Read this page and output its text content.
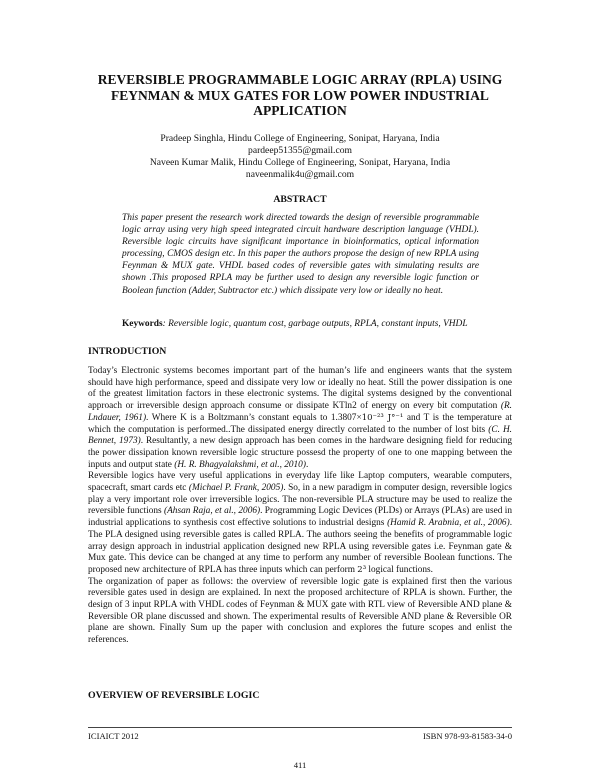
REVERSIBLE PROGRAMMABLE LOGIC ARRAY (RPLA) USING FEYNMAN & MUX GATES FOR LOW POWER INDUSTRIAL APPLICATION
Pradeep Singhla, Hindu College of Engineering, Sonipat, Haryana, India
pardeep51355@gmail.com
Naveen Kumar Malik, Hindu College of Engineering, Sonipat, Haryana, India
naveenmalik4u@gmail.com
ABSTRACT
This paper present the research work directed towards the design of reversible programmable logic array using very high speed integrated circuit hardware description language (VHDL). Reversible logic circuits have significant importance in bioinformatics, optical information processing, CMOS design etc. In this paper the authors propose the design of new RPLA using Feynman & MUX gate. VHDL based codes of reversible gates with simulating results are shown .This proposed RPLA may be further used to design any reversible logic function or Boolean function (Adder, Subtractor etc.) which dissipate very low or ideally no heat.
Keywords: Reversible logic, quantum cost, garbage outputs, RPLA, constant inputs, VHDL
INTRODUCTION

Today’s Electronic systems becomes important part of the human’s life and engineers wants that the system should have high performance, speed and dissipate very low or ideally no heat. Still the power dissipation is one of the greatest limitation factors in these electronic systems. The digital systems designed by the conventional approach or irreversible design approach consume or dissipate KTln2 of energy on every bit computation (R. Lndauer, 1961). Where K is a Boltzmann’s constant equals to 1.3807×10⁻²³ J°⁻¹ and T is the temperature at which the computation is performed..The dissipated energy directly correlated to the number of lost bits (C. H. Bennet, 1973). Resultantly, a new design approach has been comes in the hardware designing field for reducing the power dissipation known reversible logic structure possesd the property of one to one mapping between the inputs and output state (H. R. Bhagyalakshmi, et al., 2010).

Reversible logics have very useful applications in everyday life like Laptop computers, wearable computers, spacecraft, smart cards etc (Michael P. Frank, 2005). So, in a new paradigm in computer design, reversible logics play a very important role over irreversible logics. The non-reversible PLA structure may be used to realize the reversible functions (Ahsan Raja, et al., 2006). Programming Logic Devices (PLDs) or Arrays (PLAs) are used in industrial applications to synthesis cost effective solutions to industrial designs (Hamid R. Arabnia, et al., 2006). The PLA designed using reversible gates is called RPLA. The authors seeing the benefits of programmable logic array design approach in industrial application designed new RPLA using reversible gates i.e. Feynman gate & Mux gate. This device can be changed at any time to perform any number of reversible Boolean functions. The proposed new architecture of RPLA has three inputs which can perform 2³ logical functions.

The organization of paper as follows: the overview of reversible logic gate is explained first then the various reversible gates used in design are explained. In next the proposed architecture of RPLA is shown. Further, the design of 3 input RPLA with VHDL codes of Feynman & MUX gate with RTL view of Reversible AND plane & Reversible OR plane discussed and shown. The experimental results of Reversible AND plane & Reversible OR plane are shown. Finally Sum up the paper with conclusion and explores the future scopes and enlist the references.

OVERVIEW OF REVERSIBLE LOGIC
ICIAICT 2012	ISBN 978-93-81583-34-0
411
